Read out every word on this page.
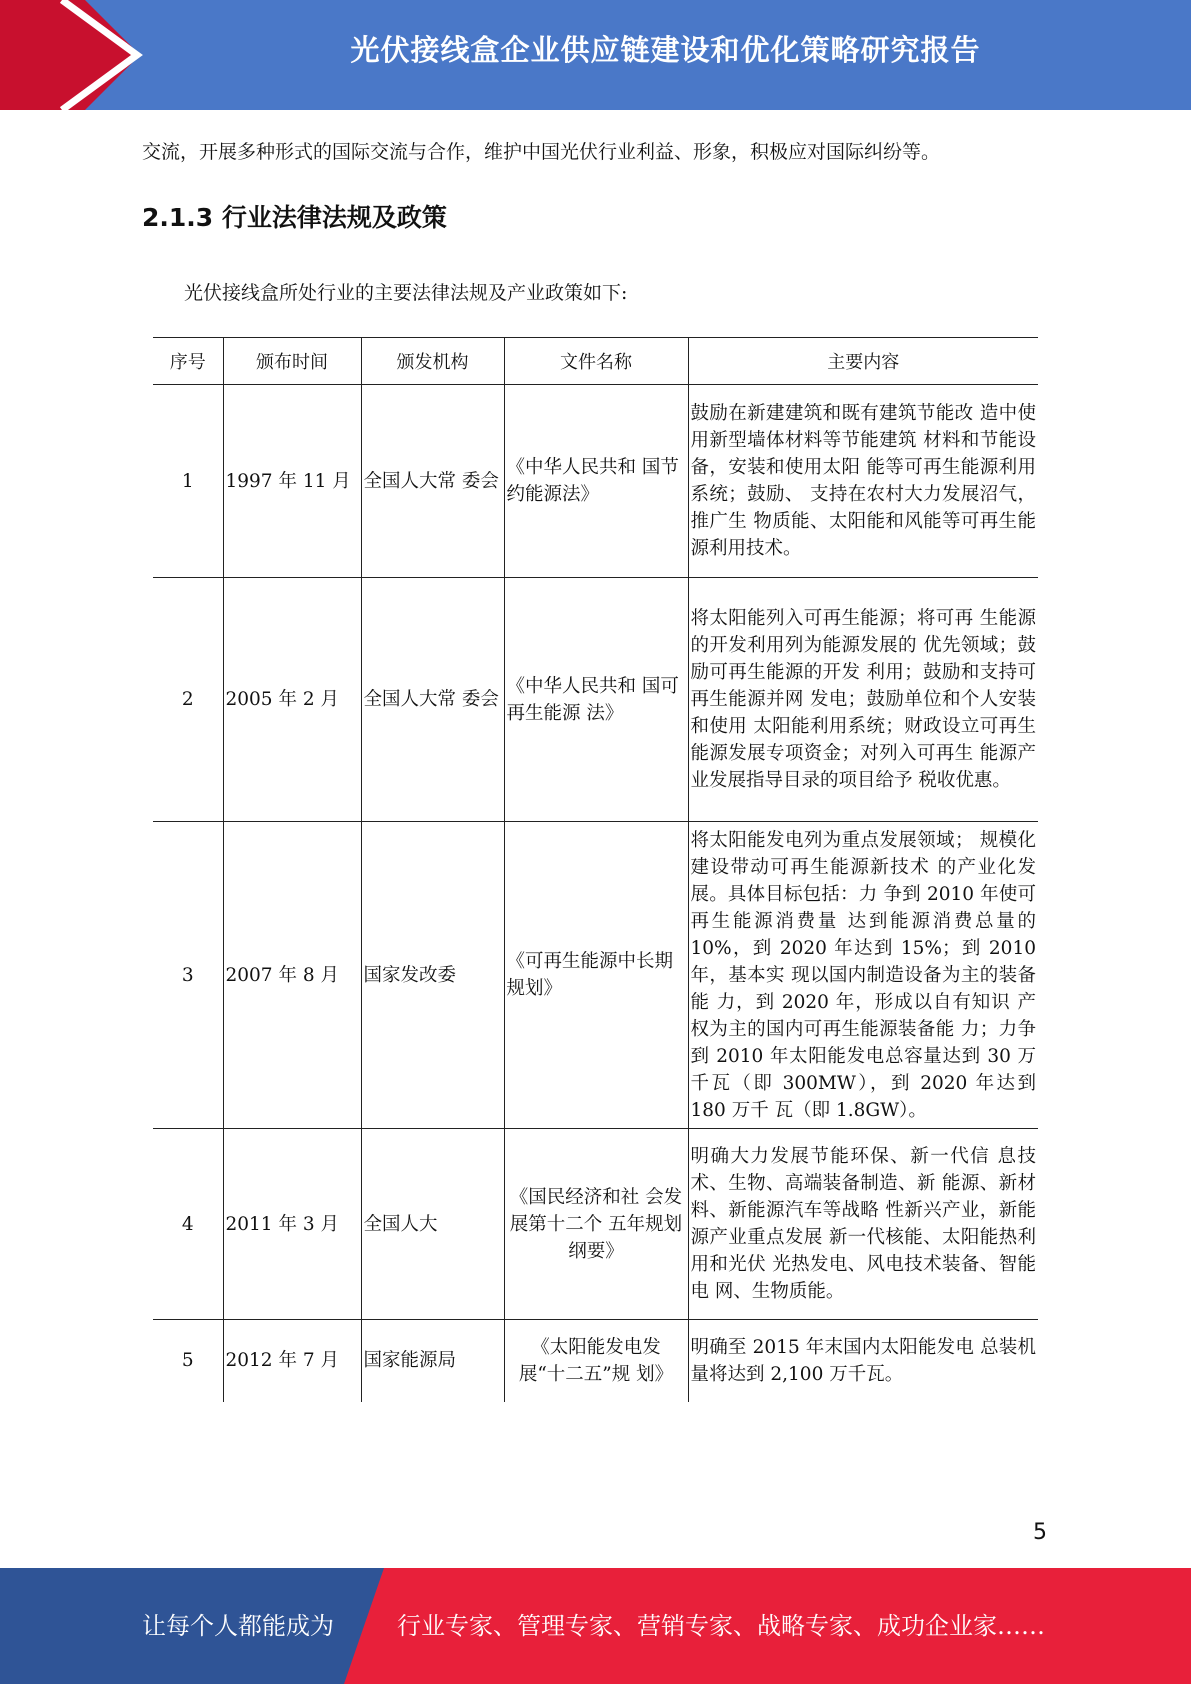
光伏接线盒企业供应链建设和优化策略研究报告
交流，开展多种形式的国际交流与合作，维护中国光伏行业利益、形象，积极应对国际纠纷等。
2.1.3 行业法律法规及政策
光伏接线盒所处行业的主要法律法规及产业政策如下:
序号	颁布时间	颁发机构	文件名称	主要内容
1	1997 年 11 月	全国人大常 委会	《中华人民共和 国节约能源法》	鼓励在新建建筑和既有建筑节能改 造中使用新型墙体材料等节能建筑 材料和节能设备，安装和使用太阳 能等可再生能源利用系统；鼓励、 支持在农村大力发展沼气，推广生 物质能、太阳能和风能等可再生能 源利用技术。
2	2005 年 2 月	全国人大常 委会	《中华人民共和 国可再生能源 法》	将太阳能列入可再生能源；将可再 生能源的开发利用列为能源发展的 优先领域；鼓励可再生能源的开发 利用；鼓励和支持可再生能源并网 发电；鼓励单位和个人安装和使用 太阳能利用系统；财政设立可再生 能源发展专项资金；对列入可再生 能源产业发展指导目录的项目给予 税收优惠。
3	2007 年 8 月	国家发改委	《可再生能源中长期规划》	将太阳能发电列为重点发展领域； 规模化建设带动可再生能源新技术 的产业化发展。具体目标包括：力 争到 2010 年使可再生能源消费量 达到能源消费总量的 10%，到 2020 年达到 15%；到 2010 年，基本实 现以国内制造设备为主的装备能 力，到 2020 年，形成以自有知识 产权为主的国内可再生能源装备能 力；力争到 2010 年太阳能发电总容量达到 30 万千瓦（即 300MW），到 2020 年达到 180 万千 瓦（即 1.8GW）。
4	2011 年 3 月	全国人大	《国民经济和社 会发展第十二个 五年规划纲要》	明确大力发展节能环保、新一代信 息技术、生物、高端装备制造、新 能源、新材料、新能源汽车等战略 性新兴产业，新能源产业重点发展 新一代核能、太阳能热利用和光伏 光热发电、风电技术装备、智能电 网、生物质能。
5	2012 年 7 月	国家能源局	《太阳能发电发 展“十二五”规 划》	明确至 2015 年末国内太阳能发电 总装机量将达到 2,100 万千瓦。
5
让每个人都能成为	行业专家、管理专家、营销专家、战略专家、成功企业家……
